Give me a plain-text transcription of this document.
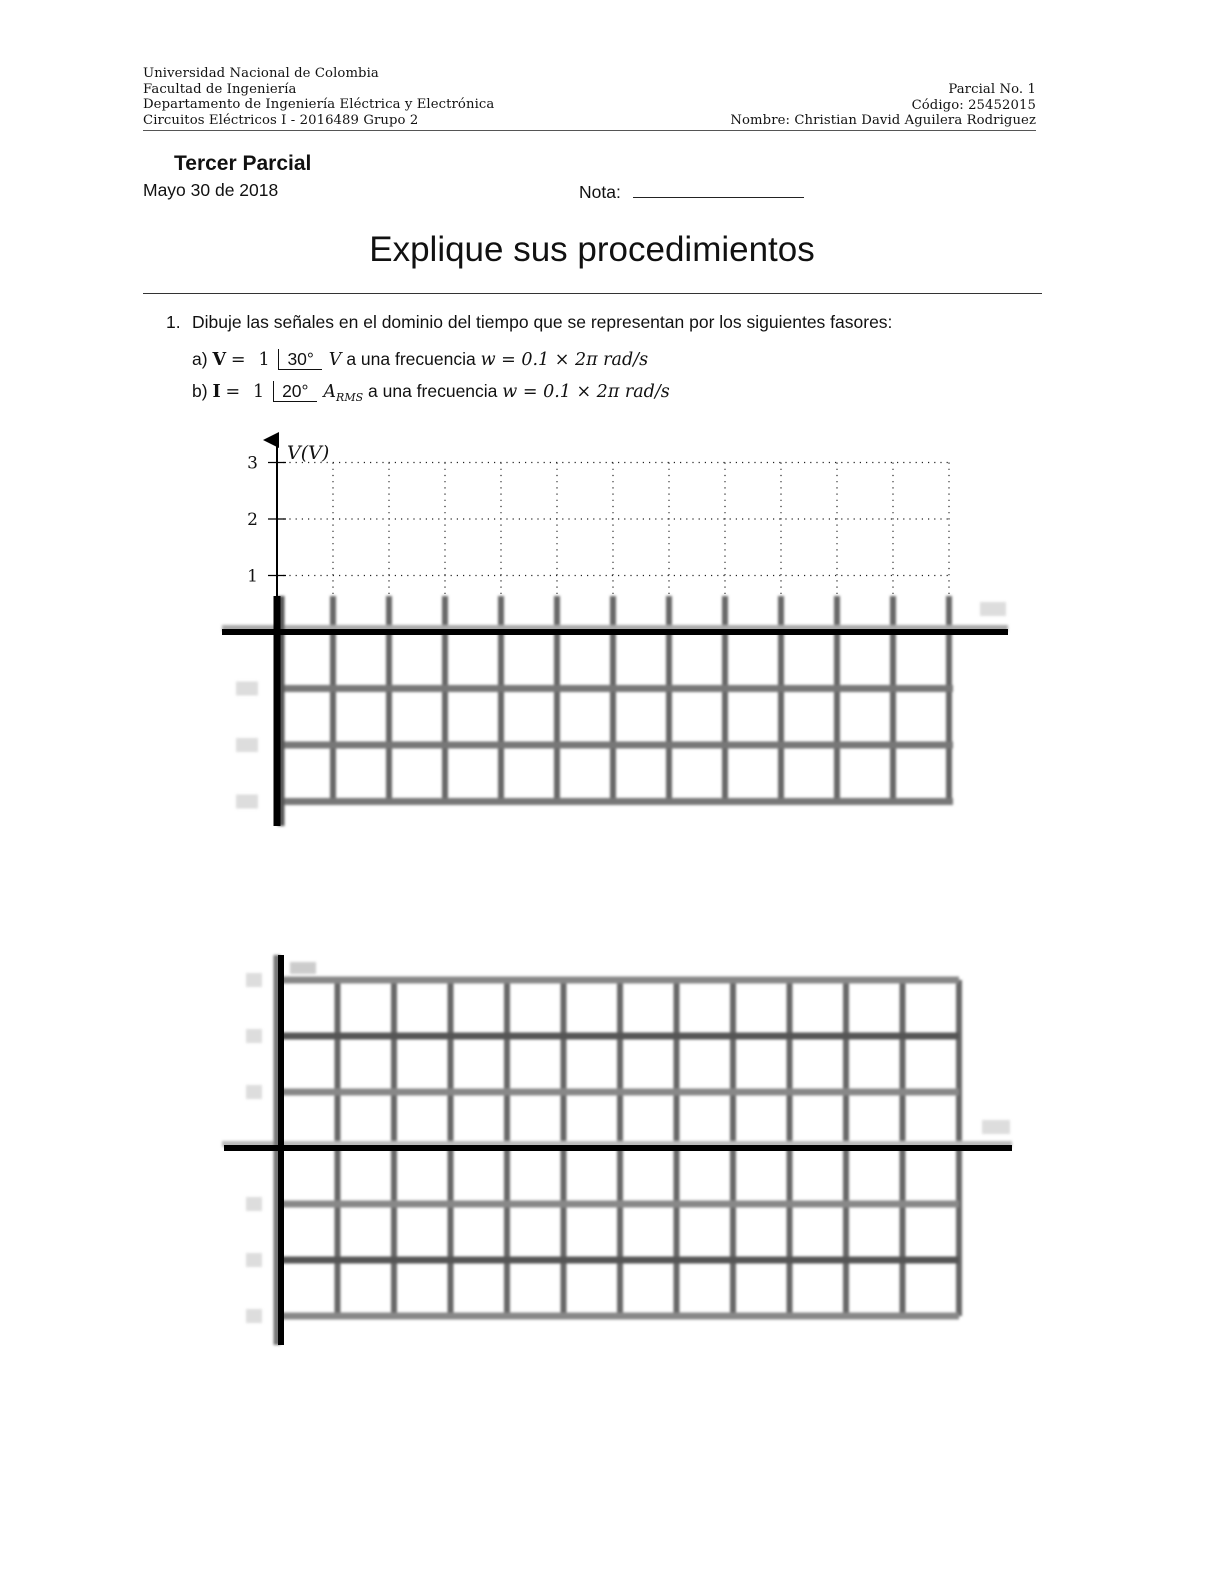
Universidad Nacional de Colombia
Facultad de Ingeniería
Departamento de Ingeniería Eléctrica y Electrónica
Circuitos Eléctricos I - 2016489 Grupo 2
Parcial No. 1
Código: 25452015
Nombre: Christian David Aguilera Rodriguez
Tercer Parcial
Mayo 30 de 2018	Nota:
Explique sus procedimientos
1. Dibuje las señales en el dominio del tiempo que se representan por los siguientes fasores:
a) V = 1 30° V a una frecuencia w = 0.1 × 2π rad/s
b) I = 1 20° $A_{RMS}$ a una frecuencia w = 0.1 × 2π rad/s
3
2
1
V(V)
